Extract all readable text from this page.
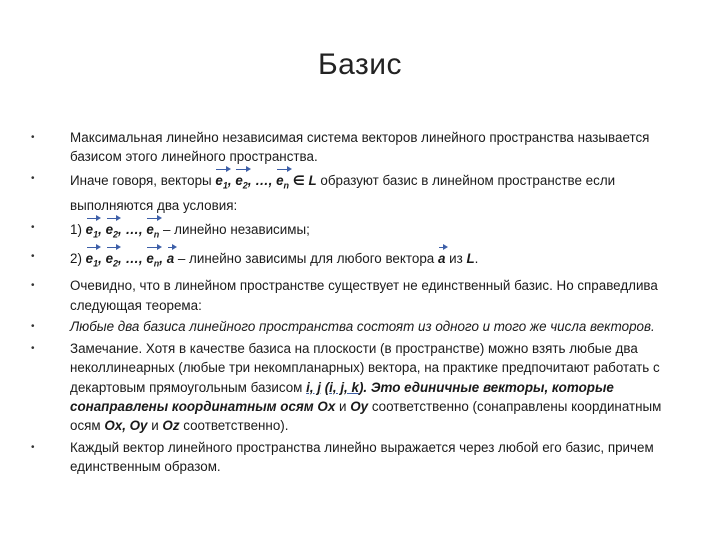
Базис
•	Максимальная линейно независимая система векторов линейного пространства называется базисом этого линейного пространства.
•	Иначе говоря, векторы $e_1$, $e_2$, …, $e_n$ ∈ L образуют базис в линейном пространстве если выполняются два условия:
•	1) $e_1$, $e_2$, …, $e_n$ – линейно независимы;
•	2) $e_1$, $e_2$, …, $e_n$, a – линейно зависимы для любого вектора a из L.
•	Очевидно, что в линейном пространстве существует не единственный базис. Но справедлива следующая теорема:
•	Любые два базиса линейного пространства состоят из одного и того же числа векторов.
•	Замечание. Хотя в качестве базиса на плоскости (в пространстве) можно взять любые два неколлинеарных (любые три некомпланарных) вектора, на практике предпочитают работать с декартовым прямоугольным базисом i, j (i, j, k). Это единичные векторы, которые сонаправлены координатным осям Ox и Oy соответственно (сонаправлены координатным осям Ox, Oy и Oz соответственно).
•	Каждый вектор линейного пространства линейно выражается через любой его базис, причем единственным образом.
